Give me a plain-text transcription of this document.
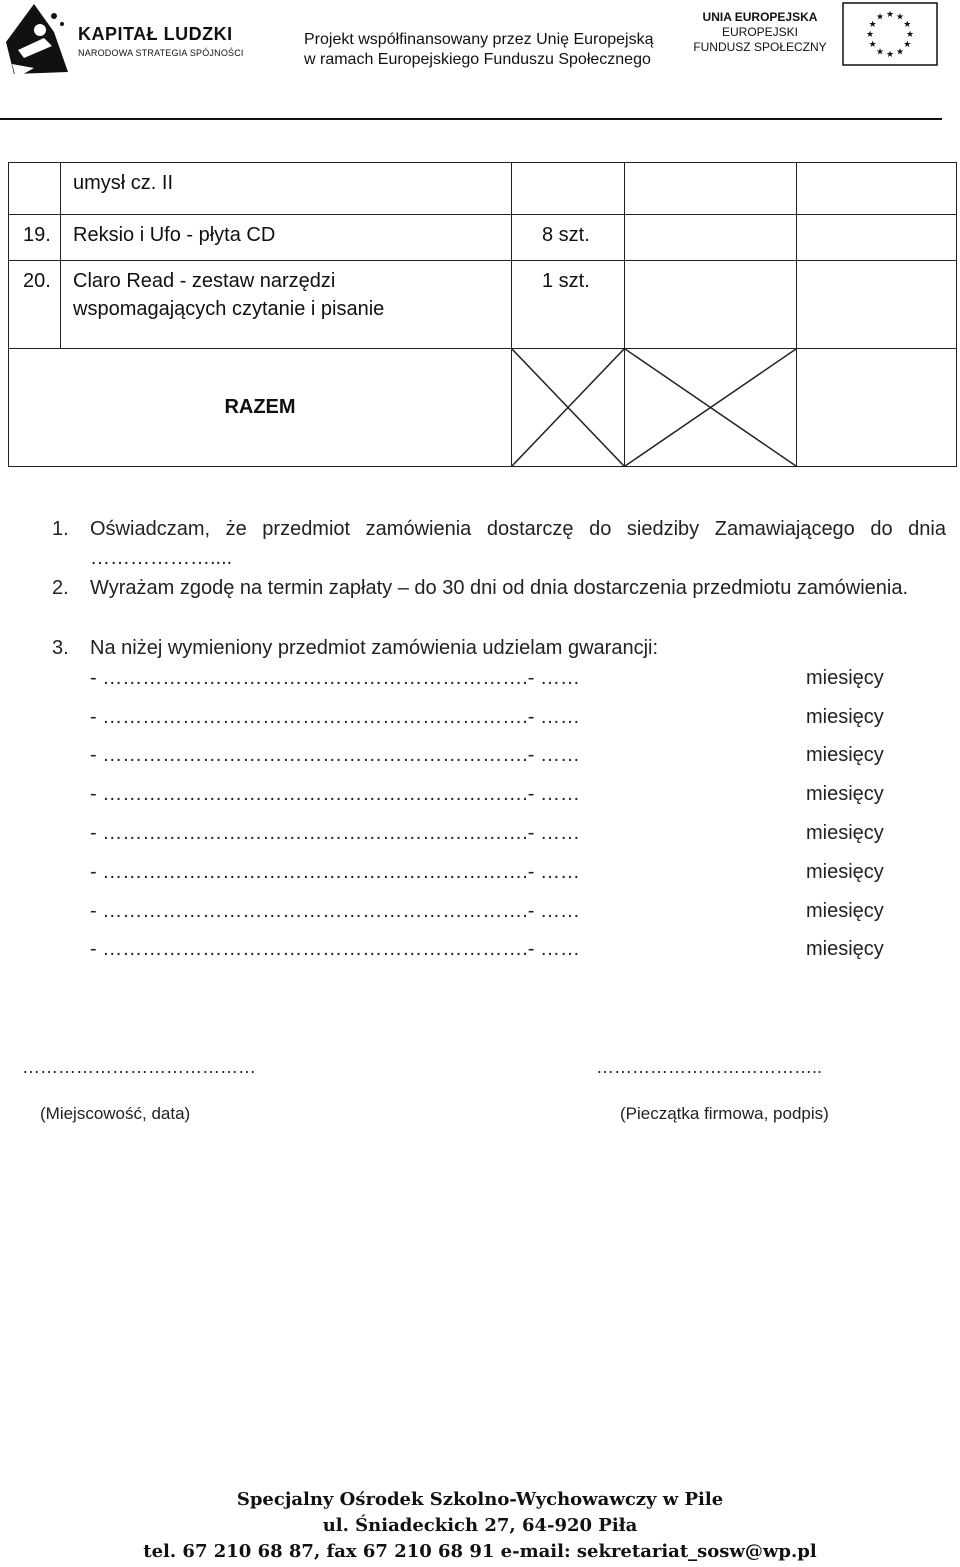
KAPITAŁ LUDZKI
NARODOWA STRATEGIA SPÓJNOŚCI
Projekt współfinansowany przez Unię Europejską
w ramach Europejskiego Funduszu Społecznego
UNIA EUROPEJSKA
EUROPEJSKI
FUNDUSZ SPOŁECZNY
★ ★
★
★
★
★
★
★
★
★
★
★

	umysł cz. II			

19.	Reksio i Ufo - płyta CD	8 szt.		

20.	Claro Read - zestaw narzędzi wspomagających czytanie i pisanie	1 szt.		

RAZEM	

1. Oświadczam, że przedmiot zamówienia dostarczę do siedziby Zamawiającego do dnia ………………....
2. Wyrażam zgodę na termin zapłaty – do 30 dni od dnia dostarczenia przedmiotu zamówienia.
3. Na niżej wymieniony przedmiot zamówienia udzielam gwarancji:
- ……………………………………………………….- ……	miesięcy
- ……………………………………………………….- ……	miesięcy
- ……………………………………………………….- ……	miesięcy
- ……………………………………………………….- ……	miesięcy
- ……………………………………………………….- ……	miesięcy
- ……………………………………………………….- ……	miesięcy
- ……………………………………………………….- ……	miesięcy
- ……………………………………………………….- ……	miesięcy
…………………………………
(Miejscowość, data)
………………………………..
(Pieczątka firmowa, podpis)
Specjalny Ośrodek Szkolno-Wychowawczy w Pile
ul. Śniadeckich 27, 64-920 Piła
tel. 67 210 68 87, fax 67 210 68 91 e-mail: sekretariat_sosw@wp.pl
